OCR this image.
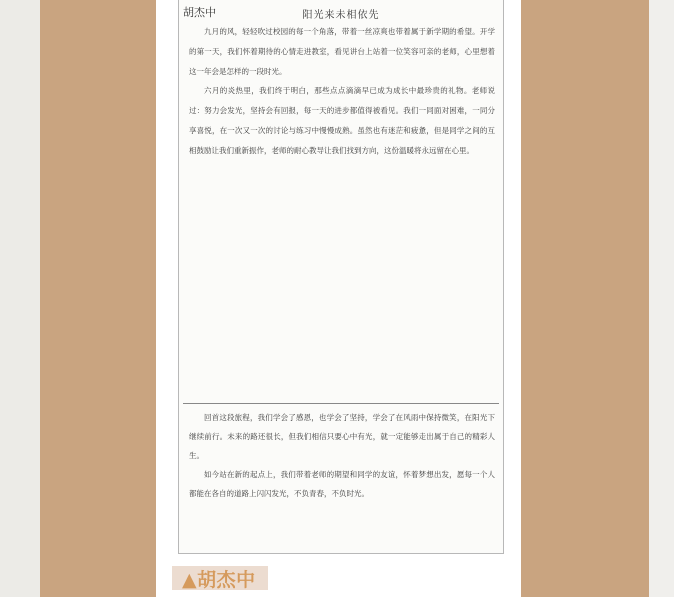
胡杰中	阳光来未相依先

九月的风，轻轻吹过校园的每一个角落，带着一丝凉爽也带着属于新学期的希望。开学的第一天，我们怀着期待的心情走进教室，看见讲台上站着一位笑容可亲的老师，心里想着这一年会是怎样的一段时光。

六月的炎热里，我们终于明白，那些点点滴滴早已成为成长中最珍贵的礼物。老师说过：努力会发光，坚持会有回报，每一天的进步都值得被看见。我们一同面对困难，一同分享喜悦，在一次又一次的讨论与练习中慢慢成熟。虽然也有迷茫和疲惫，但是同学之间的互相鼓励让我们重新振作，老师的耐心教导让我们找到方向，这份温暖将永远留在心里。

回首这段旅程，我们学会了感恩，也学会了坚持，学会了在风雨中保持微笑，在阳光下继续前行。未来的路还很长，但我们相信只要心中有光，就一定能够走出属于自己的精彩人生。

如今站在新的起点上，我们带着老师的期望和同学的友谊，怀着梦想出发，愿每一个人都能在各自的道路上闪闪发光，不负青春，不负时光。

▲胡杰中
